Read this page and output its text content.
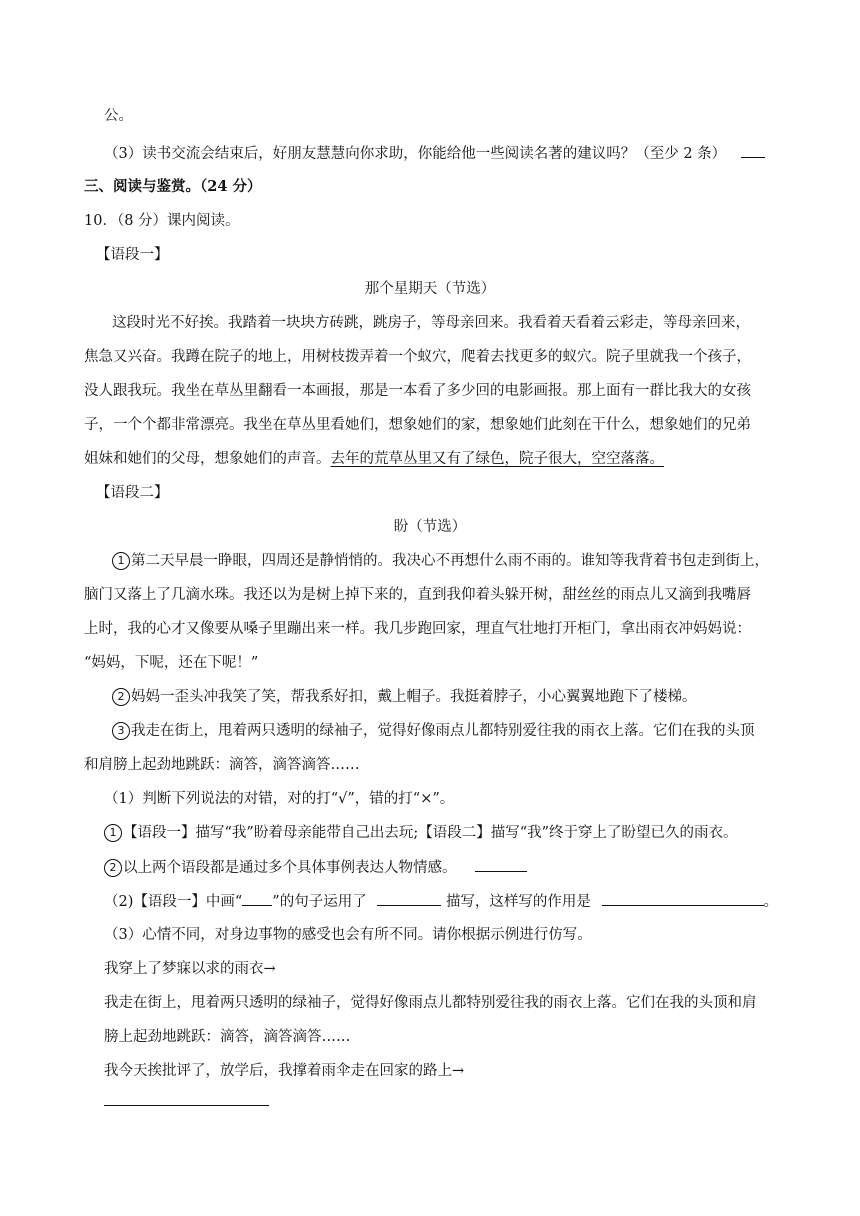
公。
（3）读书交流会结束后，好朋友慧慧向你求助，你能给他一些阅读名著的建议吗？（至少 2 条）
三、阅读与鉴赏。（24 分）
10．（8 分）课内阅读。
【语段一】
那个星期天（节选）
这段时光不好挨。我踏着一块块方砖跳，跳房子，等母亲回来。我看着天看着云彩走，等母亲回来，
焦急又兴奋。我蹲在院子的地上，用树枝拨弄着一个蚁穴，爬着去找更多的蚁穴。院子里就我一个孩子，
没人跟我玩。我坐在草丛里翻看一本画报，那是一本看了多少回的电影画报。那上面有一群比我大的女孩
子，一个个都非常漂亮。我坐在草丛里看她们，想象她们的家，想象她们此刻在干什么，想象她们的兄弟
姐妹和她们的父母，想象她们的声音。去年的荒草丛里又有了绿色，院子很大，空空落落。
【语段二】
盼（节选）
1 第二天早晨一睁眼，四周还是静悄悄的。我决心不再想什么雨不雨的。谁知等我背着书包走到街上，
脑门又落上了几滴水珠。我还以为是树上掉下来的，直到我仰着头躲开树，甜丝丝的雨点儿又滴到我嘴唇
上时，我的心才又像要从嗓子里蹦出来一样。我几步跑回家，理直气壮地打开柜门，拿出雨衣冲妈妈说：
“妈妈，下呢，还在下呢！”
2 妈妈一歪头冲我笑了笑，帮我系好扣，戴上帽子。我挺着脖子，小心翼翼地跑下了楼梯。
3 我走在街上，甩着两只透明的绿袖子，觉得好像雨点儿都特别爱往我的雨衣上落。它们在我的头顶
和肩膀上起劲地跳跃：滴答，滴答滴答……
（1）判断下列说法的对错，对的打“√”，错的打“×”。
1 【语段一】描写“我”盼着母亲能带自己出去玩;【语段二】描写“我”终于穿上了盼望已久的雨衣。
2 以上两个语段都是通过多个具体事例表达人物情感。
（2)【语段一】中画“ ”的句子运用了	描写，这样写的作用是	。
（3）心情不同，对身边事物的感受也会有所不同。请你根据示例进行仿写。
我穿上了梦寐以求的雨衣→
我走在街上，甩着两只透明的绿袖子，觉得好像雨点儿都特别爱往我的雨衣上落。它们在我的头顶和肩
膀上起劲地跳跃：滴答，滴答滴答……
我今天挨批评了，放学后，我撑着雨伞走在回家的路上→
